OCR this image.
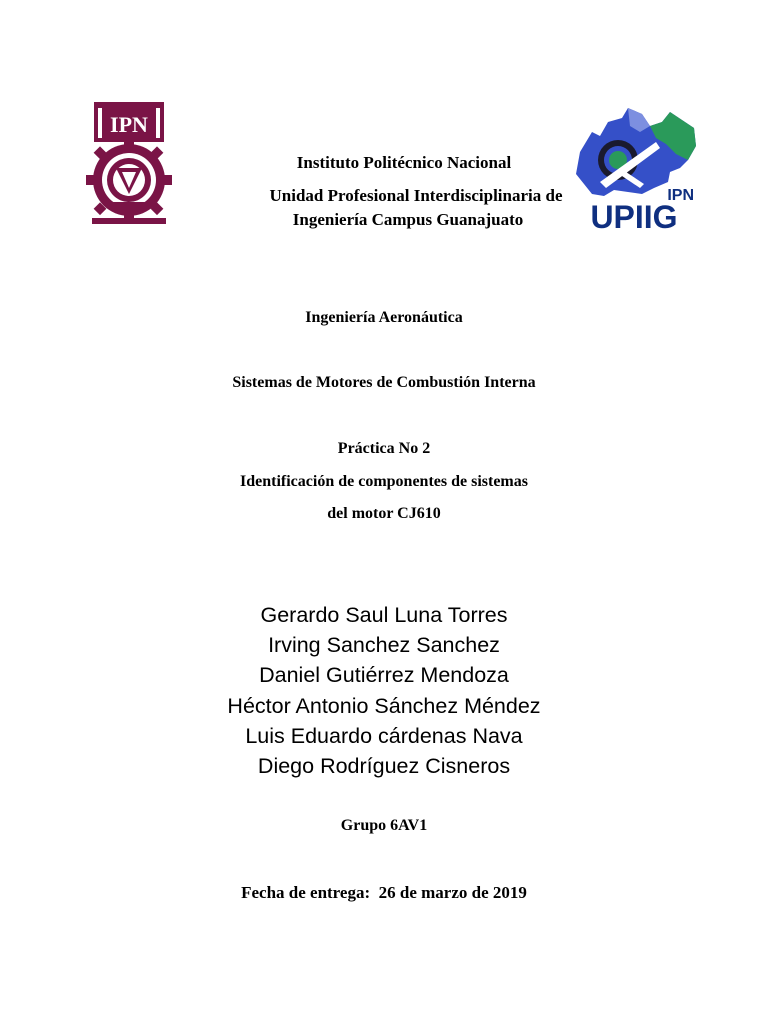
IPN
IPN
UPIIG
Instituto Politécnico Nacional
Unidad Profesional Interdisciplinaria de
Ingeniería Campus Guanajuato
Ingeniería Aeronáutica
Sistemas de Motores de Combustión Interna
Práctica No 2
Identificación de componentes de sistemas
del motor CJ610
Gerardo Saul Luna Torres
Irving Sanchez Sanchez
Daniel Gutiérrez Mendoza
Héctor Antonio Sánchez Méndez
Luis Eduardo cárdenas Nava
Diego Rodríguez Cisneros
Grupo 6AV1
Fecha de entrega:  26 de marzo de 2019
